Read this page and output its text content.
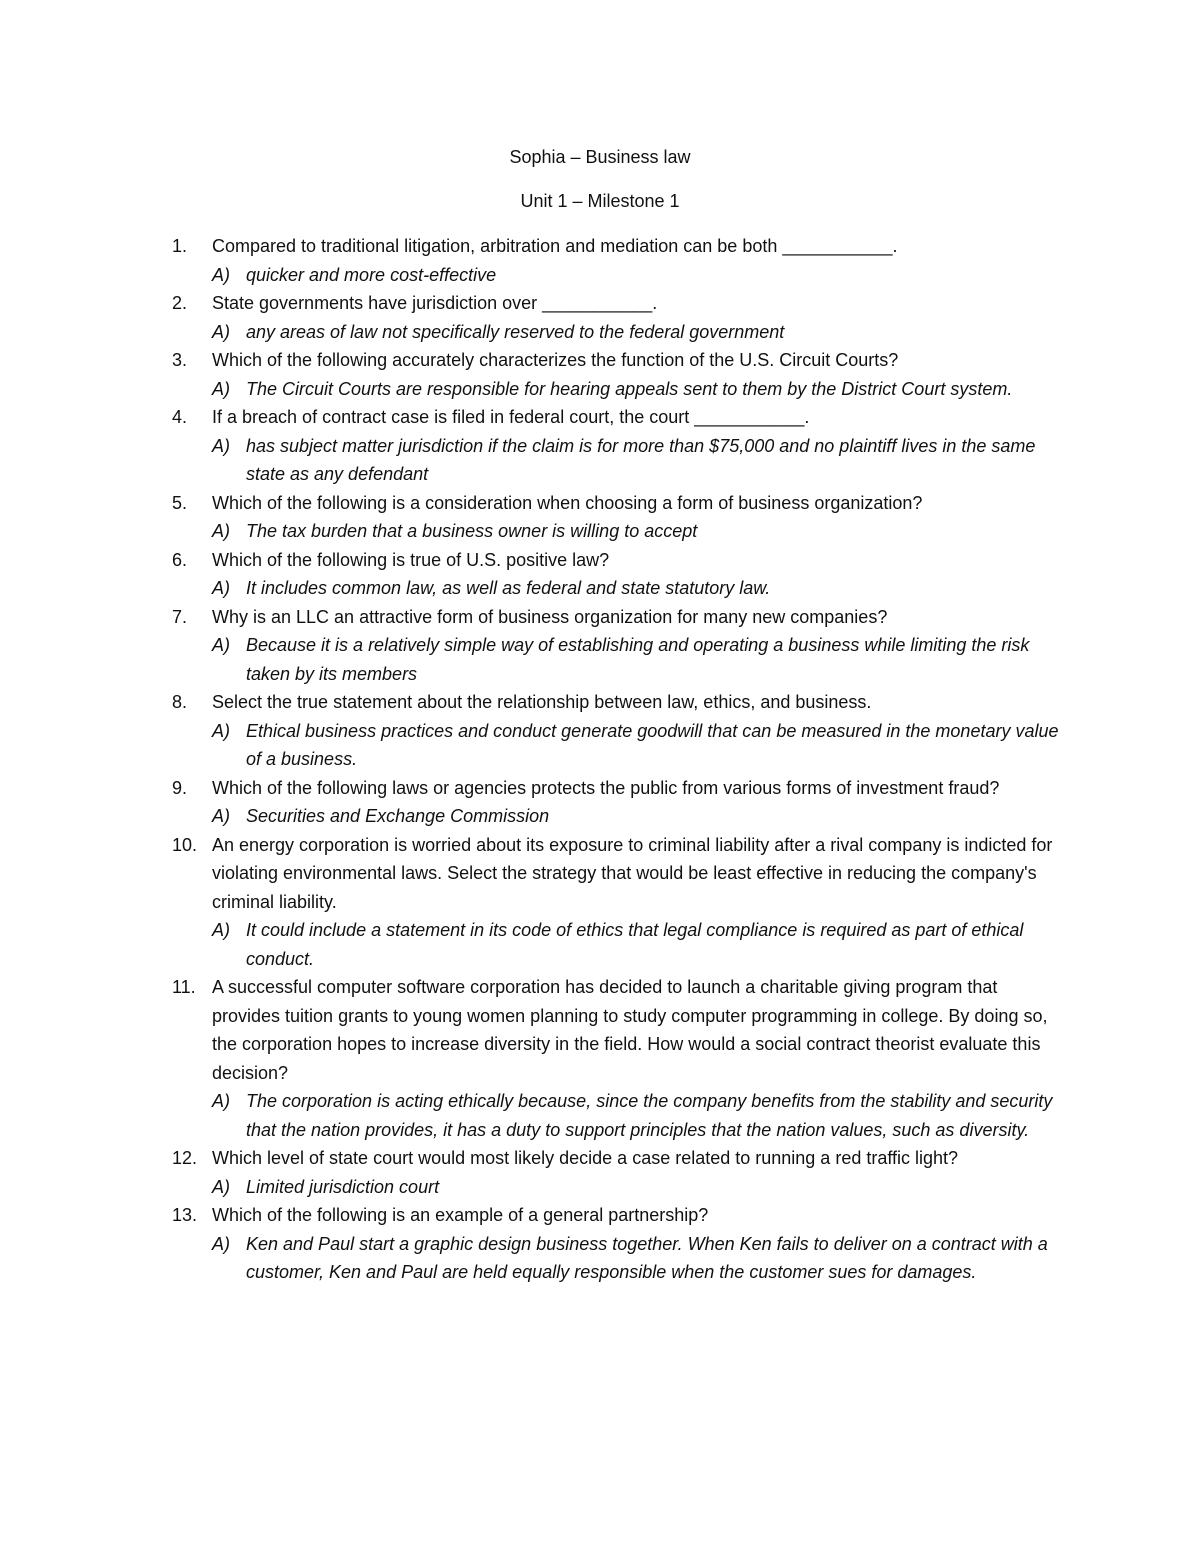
Sophia – Business law
Unit 1 – Milestone 1
1.	Compared to traditional litigation, arbitration and mediation can be both ___________.
A) quicker and more cost-effective
2.	State governments have jurisdiction over ___________.
A) any areas of law not specifically reserved to the federal government
3.	Which of the following accurately characterizes the function of the U.S. Circuit Courts?
A) The Circuit Courts are responsible for hearing appeals sent to them by the District Court system.
4.	If a breach of contract case is filed in federal court, the court ___________.
A) has subject matter jurisdiction if the claim is for more than $75,000 and no plaintiff lives in the same state as any defendant
5.	Which of the following is a consideration when choosing a form of business organization?
A) The tax burden that a business owner is willing to accept
6.	Which of the following is true of U.S. positive law?
A) It includes common law, as well as federal and state statutory law.
7.	Why is an LLC an attractive form of business organization for many new companies?
A) Because it is a relatively simple way of establishing and operating a business while limiting the risk taken by its members
8.	Select the true statement about the relationship between law, ethics, and business.
A) Ethical business practices and conduct generate goodwill that can be measured in the monetary value of a business.
9.	Which of the following laws or agencies protects the public from various forms of investment fraud?
A) Securities and Exchange Commission
10. An energy corporation is worried about its exposure to criminal liability after a rival company is indicted for violating environmental laws. Select the strategy that would be least effective in reducing the company's criminal liability.
A) It could include a statement in its code of ethics that legal compliance is required as part of ethical conduct.
11. A successful computer software corporation has decided to launch a charitable giving program that provides tuition grants to young women planning to study computer programming in college. By doing so, the corporation hopes to increase diversity in the field. How would a social contract theorist evaluate this decision?
A) The corporation is acting ethically because, since the company benefits from the stability and security that the nation provides, it has a duty to support principles that the nation values, such as diversity.
12. Which level of state court would most likely decide a case related to running a red traffic light?
A) Limited jurisdiction court
13. Which of the following is an example of a general partnership?
A) Ken and Paul start a graphic design business together. When Ken fails to deliver on a contract with a customer, Ken and Paul are held equally responsible when the customer sues for damages.
